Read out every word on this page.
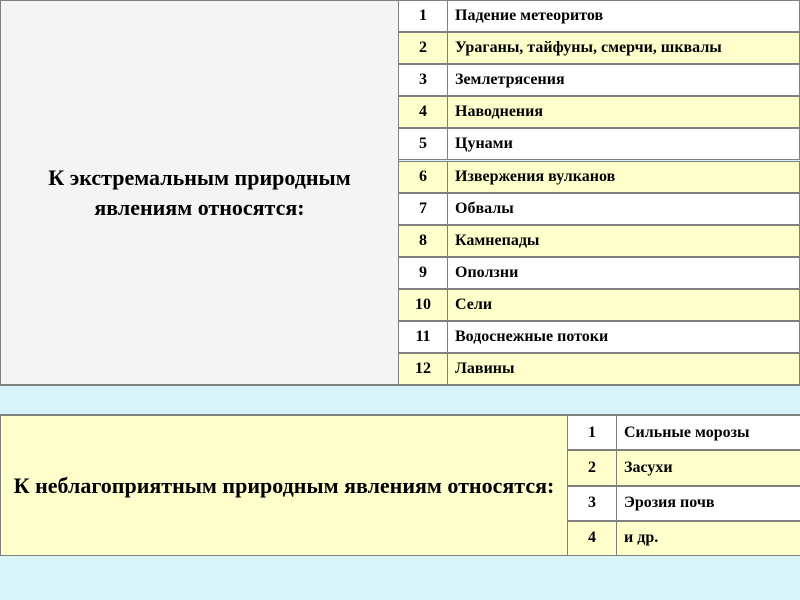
К экстремальным природным явлениям относятся:
1	Падение метеоритов
2	Ураганы, тайфуны, смерчи, шквалы
3	Землетрясения
4	Наводнения
5	Цунами
6	Извержения вулканов
7	Обвалы
8	Камнепады
9	Оползни
10	Сели
11	Водоснежные потоки
12	Лавины
К неблагоприятным природным явлениям относятся:
1	Сильные морозы
2	Засухи
3	Эрозия почв
4	и др.
